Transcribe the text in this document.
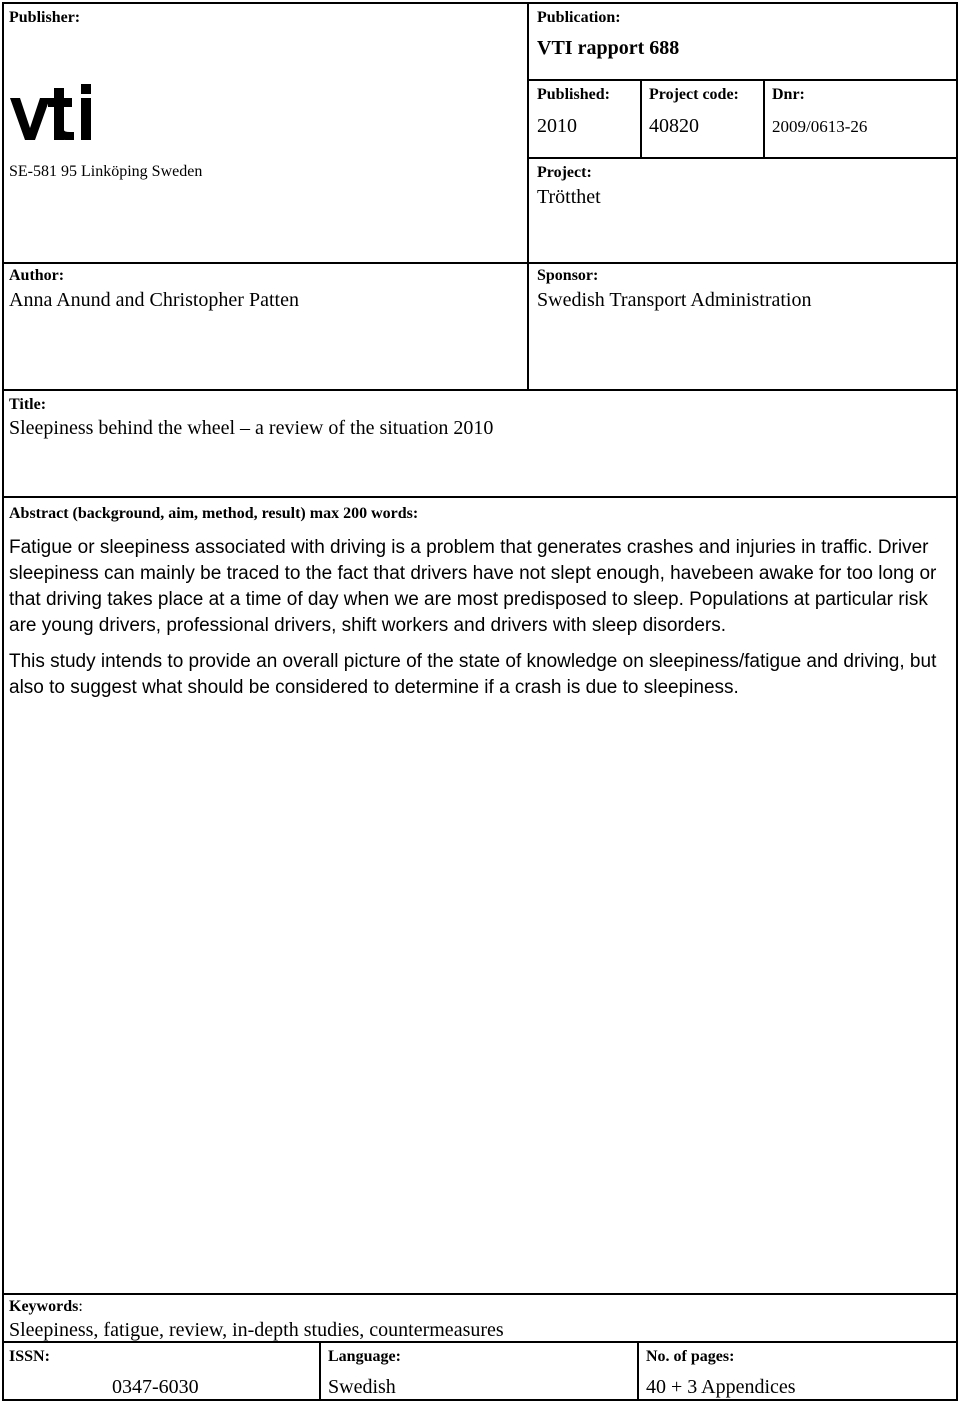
Publisher:
SE-581 95 Linköping Sweden
Publication:
VTI rapport 688
Published:
2010
Project code:
40820
Dnr:
2009/0613-26
Project:
Trötthet
Author:
Anna Anund and Christopher Patten
Sponsor:
Swedish Transport Administration
Title:
Sleepiness behind the wheel – a review of the situation 2010
Abstract (background, aim, method, result) max 200 words:

Fatigue or sleepiness associated with driving is a problem that generates crashes and injuries in traffic. Driver sleepiness can mainly be traced to the fact that drivers have not slept enough, havebeen awake for too long or that driving takes place at a time of day when we are most predisposed to sleep. Populations at particular risk are young drivers, professional drivers, shift workers and drivers with sleep disorders.

This study intends to provide an overall picture of the state of knowledge on sleepiness/fatigue and driving, but also to suggest what should be considered to determine if a crash is due to sleepiness.

Keywords:
Sleepiness, fatigue, review, in-depth studies, countermeasures
ISSN:
0347-6030
Language:
Swedish
No. of pages:
40 + 3 Appendices
